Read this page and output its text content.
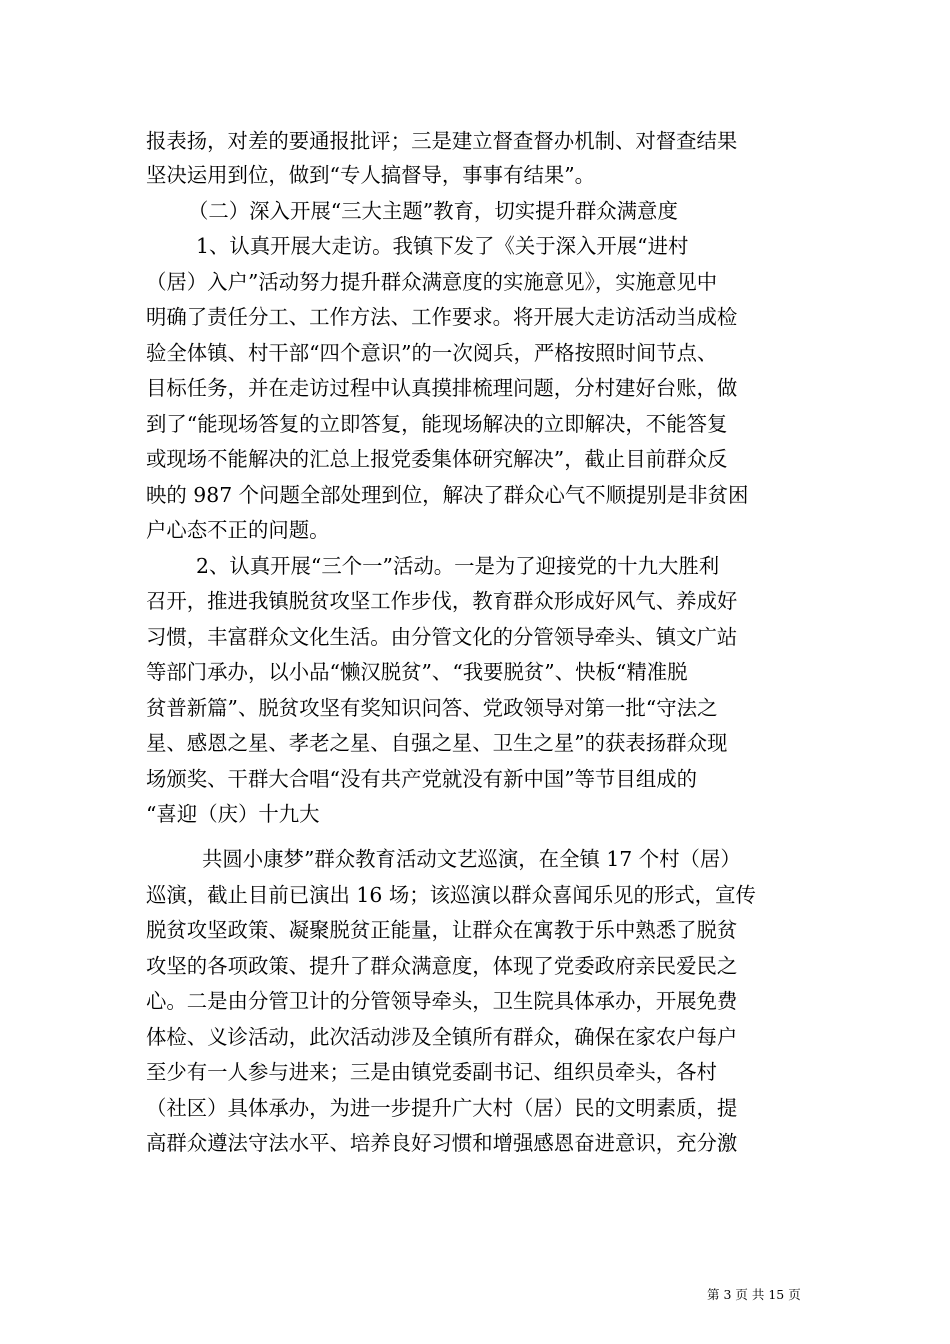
报表扬，对差的要通报批评；三是建立督查督办机制、对督查结果
坚决运用到位，做到“专人搞督导，事事有结果”。
（二）深入开展“三大主题”教育，切实提升群众满意度
1、认真开展大走访。我镇下发了《关于深入开展“进村
（居）入户”活动努力提升群众满意度的实施意见》，实施意见中
明确了责任分工、工作方法、工作要求。将开展大走访活动当成检
验全体镇、村干部“四个意识”的一次阅兵，严格按照时间节点、
目标任务，并在走访过程中认真摸排梳理问题，分村建好台账，做
到了“能现场答复的立即答复，能现场解决的立即解决，不能答复
或现场不能解决的汇总上报党委集体研究解决”，截止目前群众反
映的 987 个问题全部处理到位，解决了群众心气不顺提别是非贫困
户心态不正的问题。
2、认真开展“三个一”活动。一是为了迎接党的十九大胜利
召开，推进我镇脱贫攻坚工作步伐，教育群众形成好风气、养成好
习惯，丰富群众文化生活。由分管文化的分管领导牵头、镇文广站
等部门承办，以小品“懒汉脱贫”、“我要脱贫”、快板“精准脱
贫普新篇”、脱贫攻坚有奖知识问答、党政领导对第一批“守法之
星、感恩之星、孝老之星、自强之星、卫生之星”的获表扬群众现
场颁奖、干群大合唱“没有共产党就没有新中国”等节目组成的
“喜迎（庆）十九大
共圆小康梦”群众教育活动文艺巡演，在全镇 17 个村（居）
巡演，截止目前已演出 16 场；该巡演以群众喜闻乐见的形式，宣传
脱贫攻坚政策、凝聚脱贫正能量，让群众在寓教于乐中熟悉了脱贫
攻坚的各项政策、提升了群众满意度，体现了党委政府亲民爱民之
心。二是由分管卫计的分管领导牵头，卫生院具体承办，开展免费
体检、义诊活动，此次活动涉及全镇所有群众，确保在家农户每户
至少有一人参与进来；三是由镇党委副书记、组织员牵头，各村
（社区）具体承办，为进一步提升广大村（居）民的文明素质，提
高群众遵法守法水平、培养良好习惯和增强感恩奋进意识，充分激
第 3 页 共 15 页
